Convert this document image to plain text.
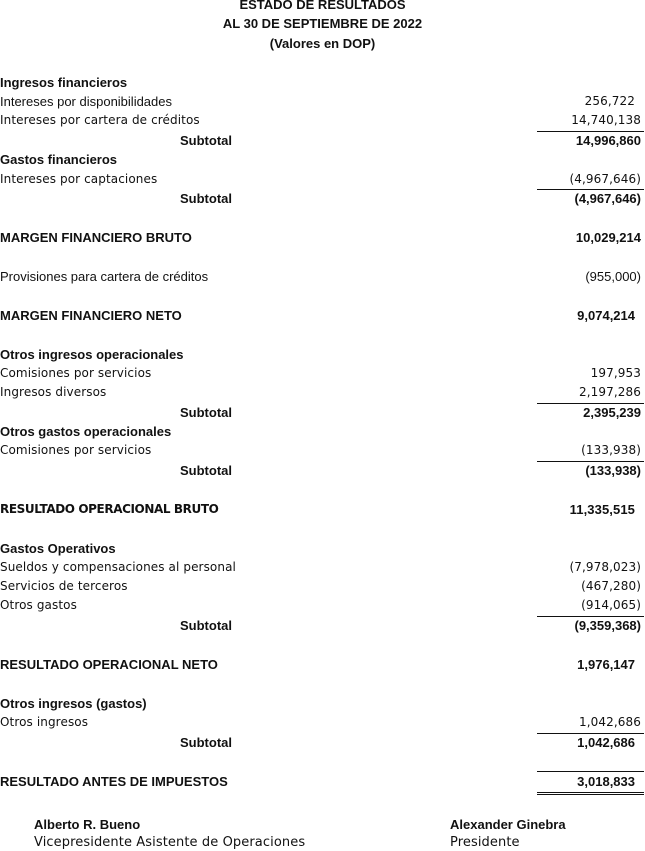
ESTADO DE RESULTADOS
AL 30 DE SEPTIEMBRE DE 2022
(Valores en DOP)
Ingresos financieros
Intereses por disponibilidades	256,722
Intereses por cartera de créditos	14,740,138
Subtotal	14,996,860
Gastos financieros
Intereses por captaciones	(4,967,646)
Subtotal	(4,967,646)
MARGEN FINANCIERO BRUTO	10,029,214
Provisiones para cartera de créditos	(955,000)
MARGEN FINANCIERO NETO	9,074,214
Otros ingresos operacionales
Comisiones por servicios	197,953
Ingresos diversos	2,197,286
Subtotal	2,395,239
Otros gastos operacionales
Comisiones por servicios	(133,938)
Subtotal	(133,938)
RESULTADO OPERACIONAL BRUTO	11,335,515
Gastos Operativos
Sueldos y compensaciones al personal	(7,978,023)
Servicios de terceros	(467,280)
Otros gastos	(914,065)
Subtotal	(9,359,368)
RESULTADO OPERACIONAL NETO	1,976,147
Otros ingresos (gastos)
Otros ingresos	1,042,686
Subtotal	1,042,686
RESULTADO ANTES DE IMPUESTOS	3,018,833
Alberto R. Bueno
Vicepresidente Asistente de Operaciones
Alexander Ginebra
Presidente
